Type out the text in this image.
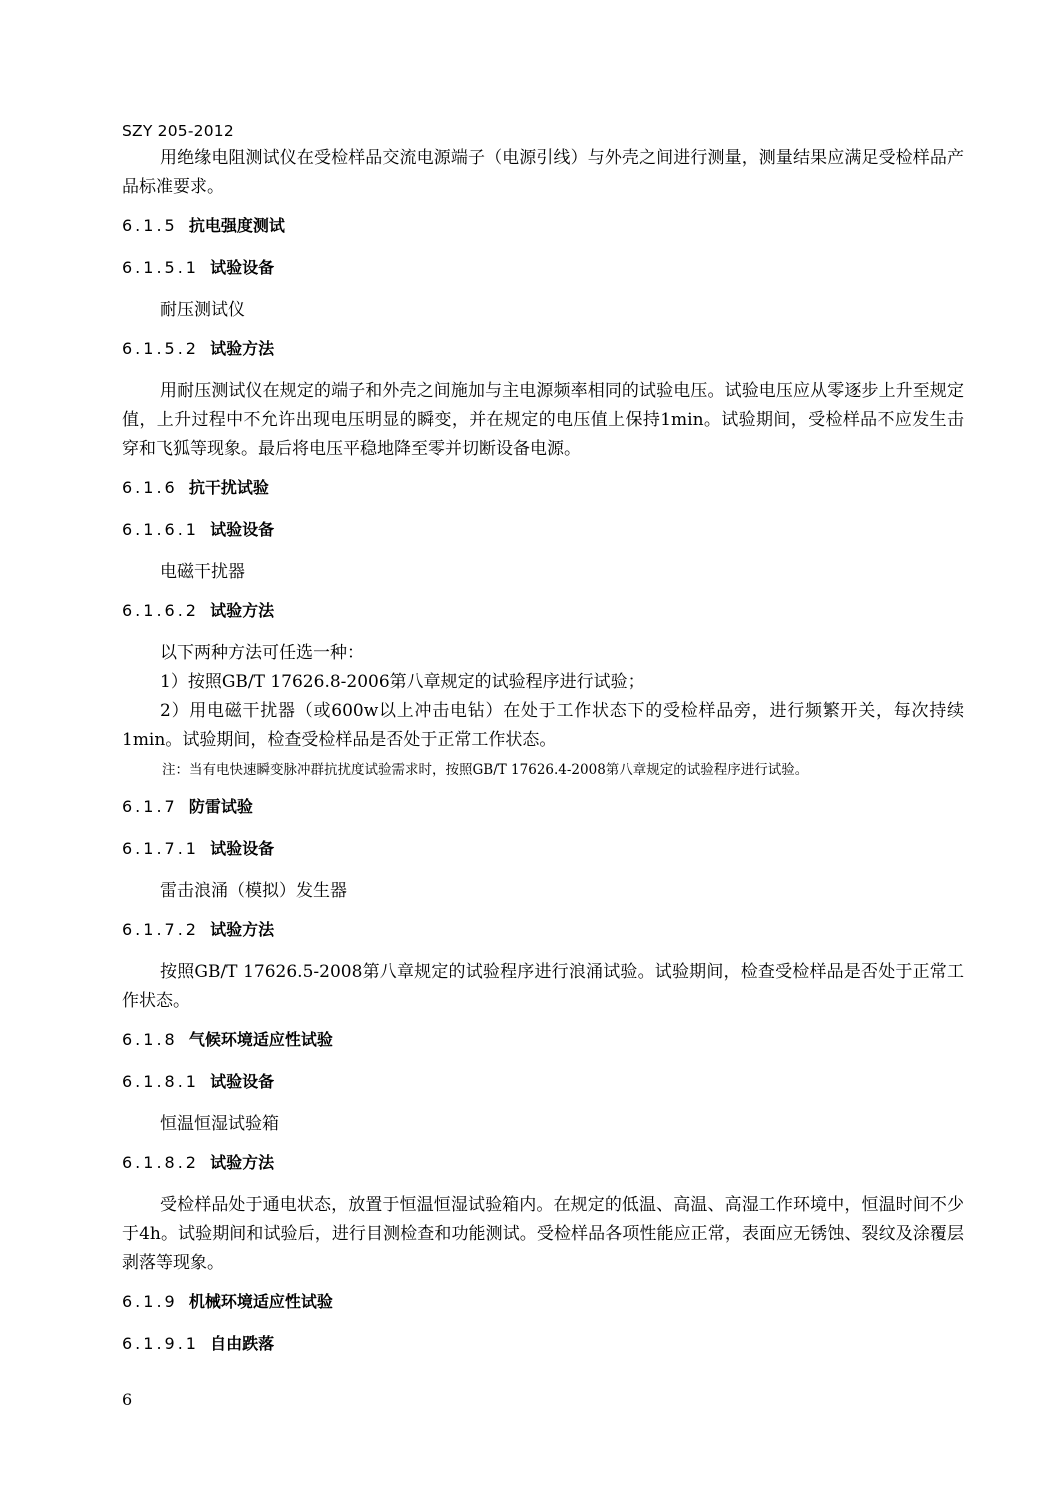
SZY 205-2012

用绝缘电阻测试仪在受检样品交流电源端子（电源引线）与外壳之间进行测量，测量结果应满足受检样品产品标准要求。

6.1.5 抗电强度测试
6.1.5.1 试验设备

耐压测试仪

6.1.5.2 试验方法

用耐压测试仪在规定的端子和外壳之间施加与主电源频率相同的试验电压。试验电压应从零逐步上升至规定值，上升过程中不允许出现电压明显的瞬变，并在规定的电压值上保持1min。试验期间，受检样品不应发生击穿和飞狐等现象。最后将电压平稳地降至零并切断设备电源。

6.1.6 抗干扰试验
6.1.6.1 试验设备

电磁干扰器

6.1.6.2 试验方法

以下两种方法可任选一种：

1）按照GB/T 17626.8-2006第八章规定的试验程序进行试验；

2）用电磁干扰器（或600w以上冲击电钻）在处于工作状态下的受检样品旁，进行频繁开关，每次持续1min。试验期间，检查受检样品是否处于正常工作状态。

注：当有电快速瞬变脉冲群抗扰度试验需求时，按照GB/T 17626.4-2008第八章规定的试验程序进行试验。
6.1.7 防雷试验
6.1.7.1 试验设备

雷击浪涌（模拟）发生器

6.1.7.2 试验方法

按照GB/T 17626.5-2008第八章规定的试验程序进行浪涌试验。试验期间，检查受检样品是否处于正常工作状态。

6.1.8 气候环境适应性试验
6.1.8.1 试验设备

恒温恒湿试验箱

6.1.8.2 试验方法

受检样品处于通电状态，放置于恒温恒湿试验箱内。在规定的低温、高温、高湿工作环境中，恒温时间不少于4h。试验期间和试验后，进行目测检查和功能测试。受检样品各项性能应正常，表面应无锈蚀、裂纹及涂覆层剥落等现象。

6.1.9 机械环境适应性试验
6.1.9.1 自由跌落
6
